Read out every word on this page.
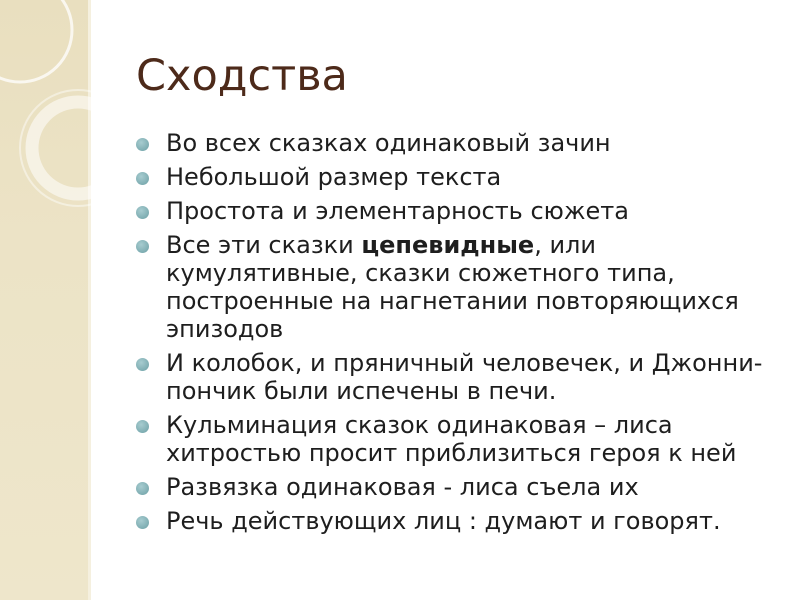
Сходства
Во всех сказках одинаковый зачин
Небольшой размер текста
Простота и элементарность сюжета
Все эти сказки цепевидные, или кумулятивные, сказки сюжетного типа, построенные на нагнетании повторяющихся эпизодов
И колобок, и пряничный человечек, и Джонни-пончик были испечены в печи.
Кульминация сказок одинаковая – лиса хитростью просит приблизиться героя к ней
Развязка одинаковая - лиса съела их
Речь действующих лиц : думают и говорят.
